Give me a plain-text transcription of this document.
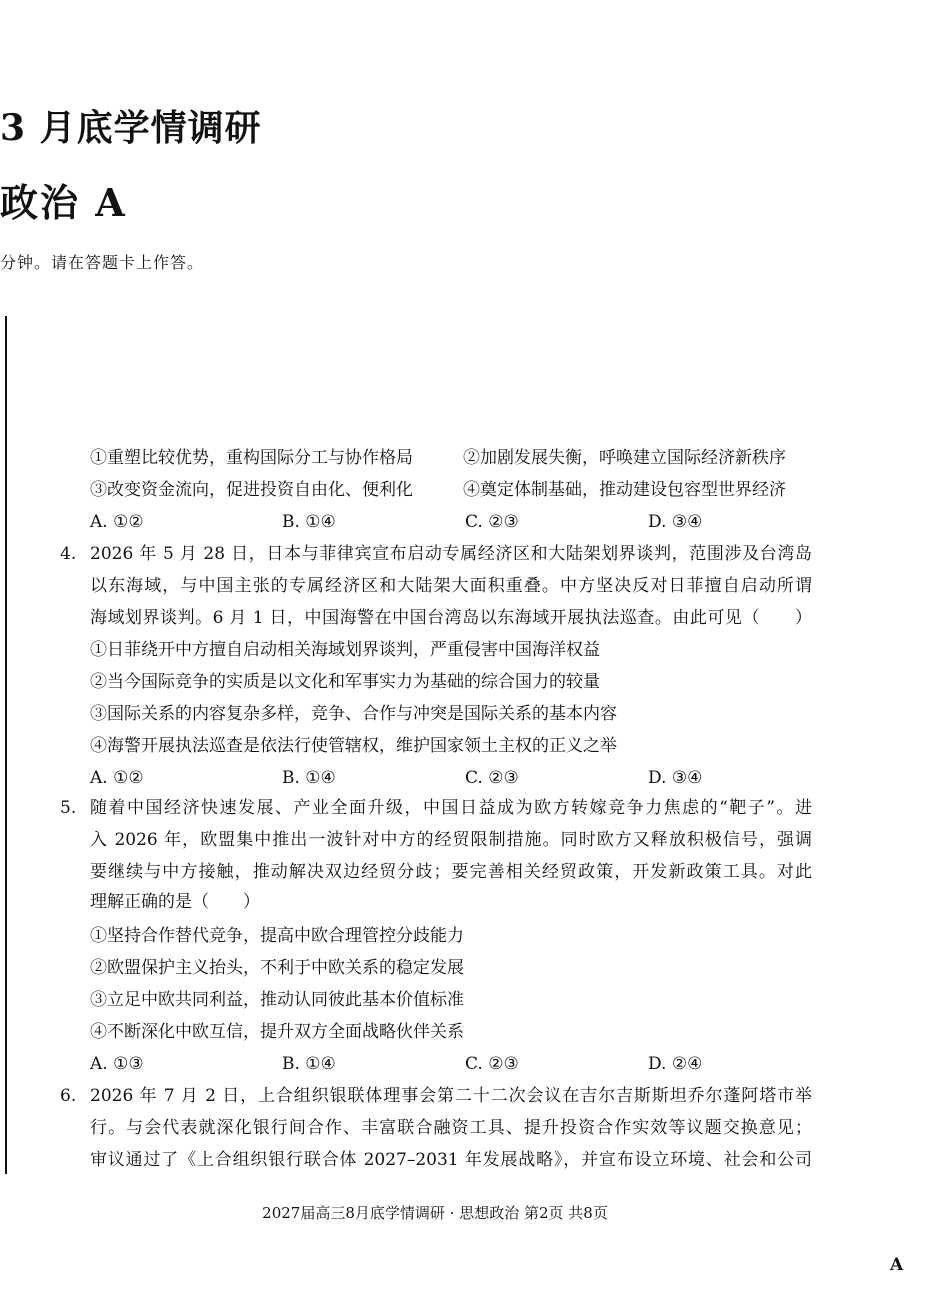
3 月底学情调研
政治 A
分钟。请在答题卡上作答。
①重塑比较优势，重构国际分工与协作格局	②加剧发展失衡，呼唤建立国际经济新秩序
③改变资金流向，促进投资自由化、便利化	④奠定体制基础，推动建设包容型世界经济
A. ①②	B. ①④	C. ②③	D. ③④
4. 2026 年 5 月 28 日，日本与菲律宾宣布启动专属经济区和大陆架划界谈判，范围涉及台湾岛
以东海域，与中国主张的专属经济区和大陆架大面积重叠。中方坚决反对日菲擅自启动所谓
海域划界谈判。6 月 1 日，中国海警在中国台湾岛以东海域开展执法巡查。由此可见（　　）
①日菲绕开中方擅自启动相关海域划界谈判，严重侵害中国海洋权益
②当今国际竞争的实质是以文化和军事实力为基础的综合国力的较量
③国际关系的内容复杂多样，竞争、合作与冲突是国际关系的基本内容
④海警开展执法巡查是依法行使管辖权，维护国家领土主权的正义之举
A. ①②	B. ①④	C. ②③	D. ③④
5. 随着中国经济快速发展、产业全面升级，中国日益成为欧方转嫁竞争力焦虑的“靶子”。进
入 2026 年，欧盟集中推出一波针对中方的经贸限制措施。同时欧方又释放积极信号，强调
要继续与中方接触，推动解决双边经贸分歧；要完善相关经贸政策，开发新政策工具。对此
理解正确的是（　　）
①坚持合作替代竞争，提高中欧合理管控分歧能力
②欧盟保护主义抬头，不利于中欧关系的稳定发展
③立足中欧共同利益，推动认同彼此基本价值标准
④不断深化中欧互信，提升双方全面战略伙伴关系
A. ①③	B. ①④	C. ②③	D. ②④
6. 2026 年 7 月 2 日，上合组织银联体理事会第二十二次会议在吉尔吉斯斯坦乔尔蓬阿塔市举
行。与会代表就深化银行间合作、丰富联合融资工具、提升投资合作实效等议题交换意见；
审议通过了《上合组织银行联合体 2027–2031 年发展战略》，并宣布设立环境、社会和公司
2027届高三8月底学情调研 · 思想政治 第2页 共8页
A
